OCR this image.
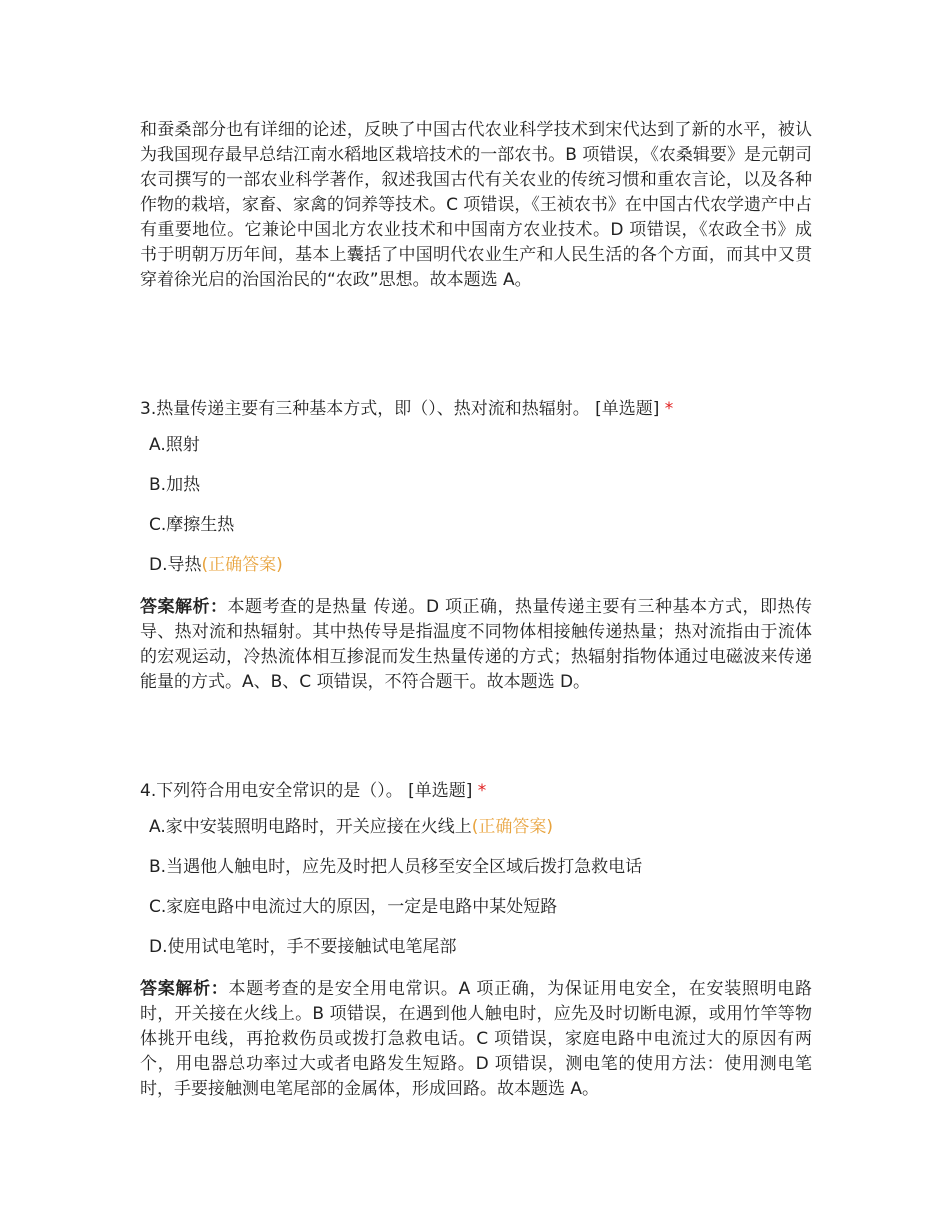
和蚕桑部分也有详细的论述，反映了中国古代农业科学技术到宋代达到了新的水平，被认为我国现存最早总结江南水稻地区栽培技术的一部农书。B 项错误，《农桑辑要》是元朝司农司撰写的一部农业科学著作，叙述我国古代有关农业的传统习惯和重农言论，以及各种作物的栽培，家畜、家禽的饲养等技术。C 项错误，《王祯农书》在中国古代农学遗产中占有重要地位。它兼论中国北方农业技术和中国南方农业技术。D 项错误，《农政全书》成书于明朝万历年间，基本上囊括了中国明代农业生产和人民生活的各个方面，而其中又贯穿着徐光启的治国治民的“农政”思想。故本题选 A。

3.热量传递主要有三种基本方式，即（）、热对流和热辐射。 [单选题] *

A.照射
B.加热
C.摩擦生热
D.导热 (正确答案)

答案解析：本题考查的是热量 传递。D 项正确，热量传递主要有三种基本方式，即热传导、热对流和热辐射。其中热传导是指温度不同物体相接触传递热量；热对流指由于流体的宏观运动，冷热流体相互掺混而发生热量传递的方式；热辐射指物体通过电磁波来传递能量的方式。A、B、C 项错误，不符合题干。故本题选 D。

4.下列符合用电安全常识的是（）。 [单选题] *

A.家中安装照明电路时，开关应接在火线上 (正确答案)
B.当遇他人触电时，应先及时把人员移至安全区域后拨打急救电话
C.家庭电路中电流过大的原因，一定是电路中某处短路
D.使用试电笔时，手不要接触试电笔尾部

答案解析：本题考查的是安全用电常识。A 项正确，为保证用电安全，在安装照明电路时，开关接在火线上。B 项错误，在遇到他人触电时，应先及时切断电源，或用竹竿等物体挑开电线，再抢救伤员或拨打急救电话。C 项错误，家庭电路中电流过大的原因有两个，用电器总功率过大或者电路发生短路。D 项错误，测电笔的使用方法：使用测电笔时，手要接触测电笔尾部的金属体，形成回路。故本题选 A。
